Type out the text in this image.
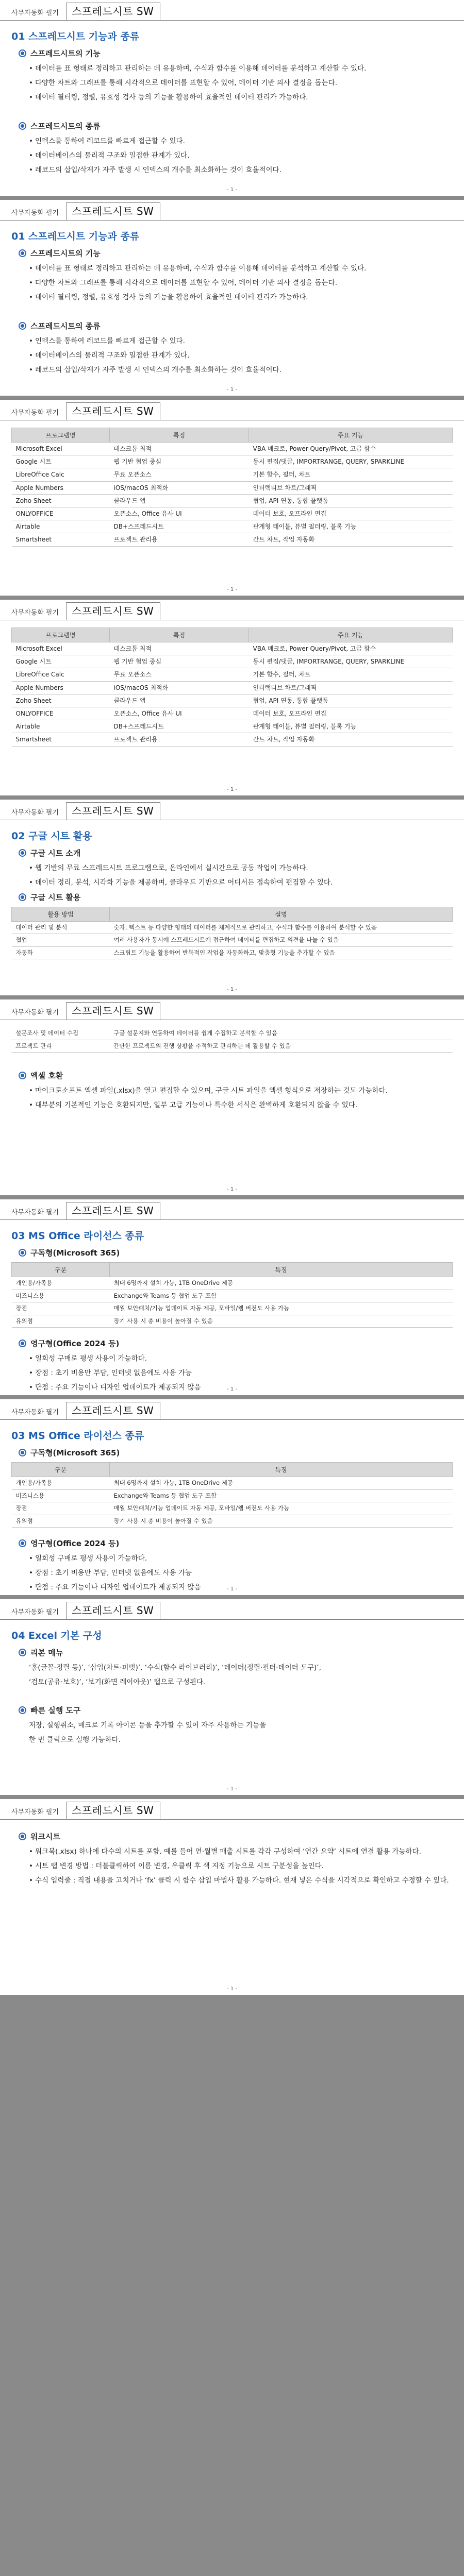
사무자동화 필기	스프레드시트 SW
01 스프레드시트 기능과 종류
스프레드시트의 기능
• 데이터를 표 형태로 정리하고 관리하는 데 유용하며, 수식과 함수를 이용해 데이터를 분석하고 계산할 수 있다.
• 다양한 차트와 그래프를 통해 시각적으로 데이터를 표현할 수 있어, 데이터 기반 의사 결정을 돕는다.
• 데이터 필터링, 정렬, 유효성 검사 등의 기능을 활용하여 효율적인 데이터 관리가 가능하다.
스프레드시트의 종류
• 인덱스를 통하여 레코드를 빠르게 접근할 수 있다.
• 데이터베이스의 물리적 구조와 밀접한 관계가 있다.
• 레코드의 삽입/삭제가 자주 발생 시 인덱스의 개수를 최소화하는 것이 효율적이다.
- 1 -
사무자동화 필기	스프레드시트 SW
01 스프레드시트 기능과 종류
스프레드시트의 기능
• 데이터를 표 형태로 정리하고 관리하는 데 유용하며, 수식과 함수를 이용해 데이터를 분석하고 계산할 수 있다.
• 다양한 차트와 그래프를 통해 시각적으로 데이터를 표현할 수 있어, 데이터 기반 의사 결정을 돕는다.
• 데이터 필터링, 정렬, 유효성 검사 등의 기능을 활용하여 효율적인 데이터 관리가 가능하다.
스프레드시트의 종류
• 인덱스를 통하여 레코드를 빠르게 접근할 수 있다.
• 데이터베이스의 물리적 구조와 밀접한 관계가 있다.
• 레코드의 삽입/삭제가 자주 발생 시 인덱스의 개수를 최소화하는 것이 효율적이다.
- 1 -
사무자동화 필기	스프레드시트 SW
프로그램명	특징	주요 기능
Microsoft Excel	데스크톱 최적	VBA 매크로, Power Query/Pivot, 고급 함수
Google 시트	웹 기반 협업 중심	동시 편집/댓글, IMPORTRANGE, QUERY, SPARKLINE
LibreOffice Calc	무료 오픈소스	기본 함수, 필터, 차트
Apple Numbers	iOS/macOS 최적화	인터랙티브 차트/그래픽
Zoho Sheet	클라우드 앱	협업, API 연동, 통합 플랫폼
ONLYOFFICE	오픈소스, Office 유사 UI	데이터 보호, 오프라인 편집
Airtable	DB+스프레드시트	관계형 테이블, 뷰별 필터링, 블록 기능
Smartsheet	프로젝트 관리용	간트 차트, 작업 자동화
- 1 -
사무자동화 필기	스프레드시트 SW
프로그램명	특징	주요 기능
Microsoft Excel	데스크톱 최적	VBA 매크로, Power Query/Pivot, 고급 함수
Google 시트	웹 기반 협업 중심	동시 편집/댓글, IMPORTRANGE, QUERY, SPARKLINE
LibreOffice Calc	무료 오픈소스	기본 함수, 필터, 차트
Apple Numbers	iOS/macOS 최적화	인터랙티브 차트/그래픽
Zoho Sheet	클라우드 앱	협업, API 연동, 통합 플랫폼
ONLYOFFICE	오픈소스, Office 유사 UI	데이터 보호, 오프라인 편집
Airtable	DB+스프레드시트	관계형 테이블, 뷰별 필터링, 블록 기능
Smartsheet	프로젝트 관리용	간트 차트, 작업 자동화
- 1 -
사무자동화 필기	스프레드시트 SW
02 구글 시트 활용
구글 시트 소개
• 웹 기반의 무료 스프레드시트 프로그램으로, 온라인에서 실시간으로 공동 작업이 가능하다.
• 데이터 정리, 분석, 시각화 기능을 제공하며, 클라우드 기반으로 어디서든 접속하여 편집할 수 있다.
구글 시트 활용
활용 방법	설명
데이터 관리 및 분석	숫자, 텍스트 등 다양한 형태의 데이터를 체계적으로 관리하고, 수식과 함수를 이용하여 분석할 수 있음
협업	여러 사용자가 동시에 스프레드시트에 접근하여 데이터를 편집하고 의견을 나눌 수 있음
자동화	스크립트 기능을 활용하여 반복적인 작업을 자동화하고, 맞춤형 기능을 추가할 수 있음
- 1 -
사무자동화 필기	스프레드시트 SW
설문조사 및 데이터 수집	구글 설문지와 연동하여 데이터를 쉽게 수집하고 분석할 수 있음
프로젝트 관리	간단한 프로젝트의 진행 상황을 추적하고 관리하는 데 활용할 수 있음
엑셀 호환
• 마이크로소프트 엑셀 파일(.xlsx)을 열고 편집할 수 있으며, 구글 시트 파일을 엑셀 형식으로 저장하는 것도 가능하다.
• 대부분의 기본적인 기능은 호환되지만, 일부 고급 기능이나 특수한 서식은 완벽하게 호환되지 않을 수 있다.
- 1 -
사무자동화 필기	스프레드시트 SW
03 MS Office 라이선스 종류
구독형(Microsoft 365)
구분	특징
개인용/가족용	최대 6명까지 설치 가능, 1TB OneDrive 제공
비즈니스용	Exchange와 Teams 등 협업 도구 포함
장점	매월 보안패치/기능 업데이트 자동 제공, 모바일/웹 버전도 사용 가능
유의점	장기 사용 시 총 비용이 높아질 수 있음
영구형(Office 2024 등)
• 일회성 구매로 평생 사용이 가능하다.
• 장점 : 초기 비용만 부담, 인터넷 없음에도 사용 가능
• 단점 : 주요 기능이나 디자인 업데이트가 제공되지 않음	- 1 -
사무자동화 필기	스프레드시트 SW
03 MS Office 라이선스 종류
구독형(Microsoft 365)
구분	특징
개인용/가족용	최대 6명까지 설치 가능, 1TB OneDrive 제공
비즈니스용	Exchange와 Teams 등 협업 도구 포함
장점	매월 보안패치/기능 업데이트 자동 제공, 모바일/웹 버전도 사용 가능
유의점	장기 사용 시 총 비용이 높아질 수 있음
영구형(Office 2024 등)
• 일회성 구매로 평생 사용이 가능하다.
• 장점 : 초기 비용만 부담, 인터넷 없음에도 사용 가능
• 단점 : 주요 기능이나 디자인 업데이트가 제공되지 않음	- 1 -
사무자동화 필기	스프레드시트 SW
04 Excel 기본 구성
리본 메뉴

‘홈(글꼴·정렬 등)’, ‘삽입(차트·피벗)’, ‘수식(함수 라이브러리)’, ‘데이터(정렬·필터·데이터 도구)’,

‘검토(공유·보호)’, ‘보기(화면 레이아웃)’ 탭으로 구성된다.

빠른 실행 도구

저장, 실행취소, 매크로 기록 아이콘 등을 추가할 수 있어 자주 사용하는 기능을

한 번 클릭으로 실행 가능하다.

- 1 -
사무자동화 필기	스프레드시트 SW
워크시트
• 워크북(.xlsx) 하나에 다수의 시트를 포함. 예를 들어 연·월별 매출 시트를 각각 구성하여 ‘연간 요약’ 시트에 연결 활용 가능하다.
• 시트 탭 변경 방법 : 더블클릭하여 이름 변경, 우클릭 후 색 지정 기능으로 시트 구분성을 높인다.
• 수식 입력줄 : 직접 내용을 고치거나 ‘fx’ 클릭 시 함수 삽입 마법사 활용 가능하다. 현재 넣은 수식을 시각적으로 확인하고 수정할 수 있다.
- 1 -
